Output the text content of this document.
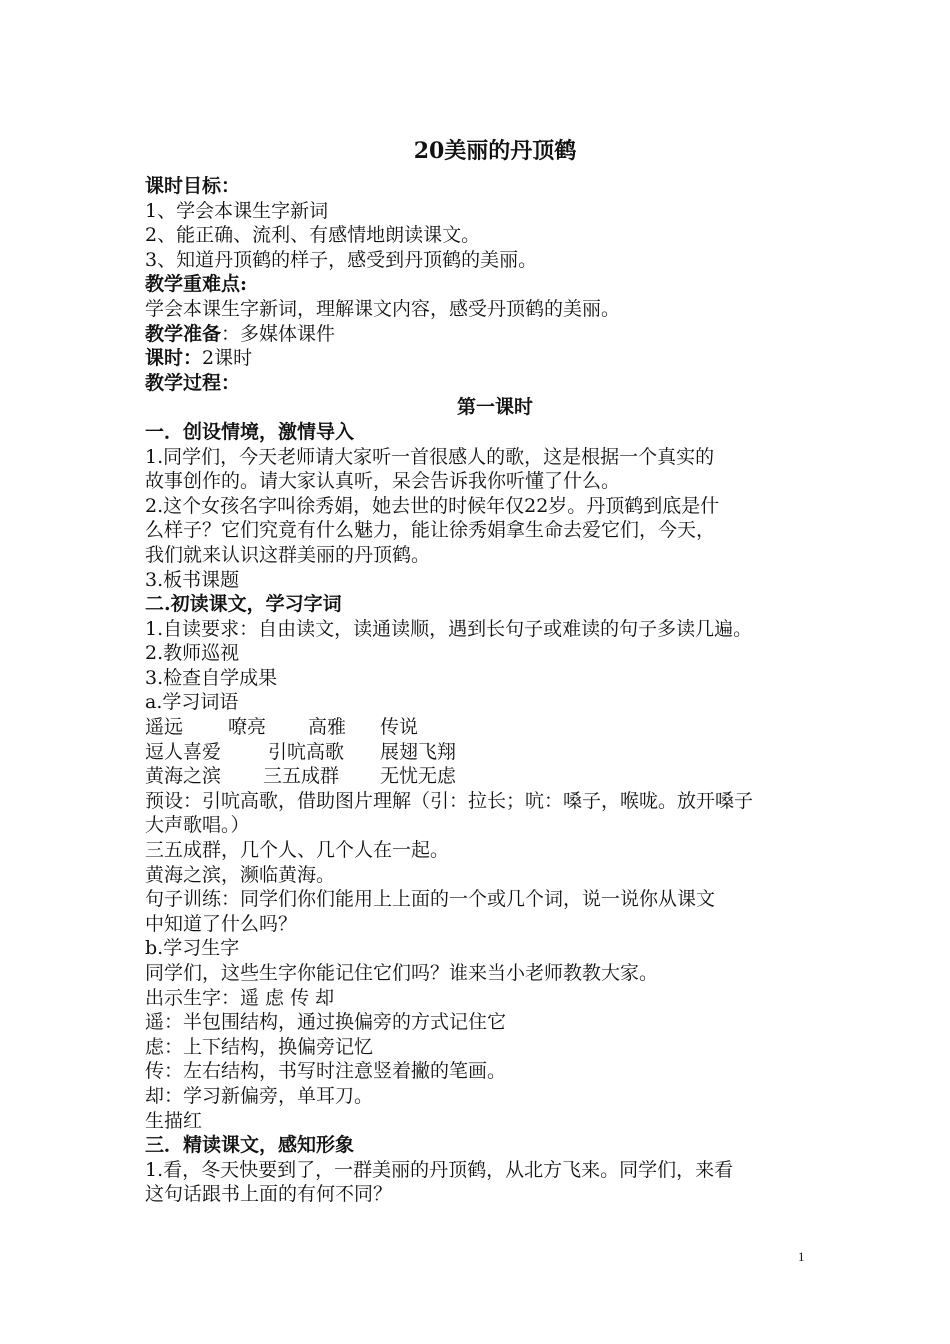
20美丽的丹顶鹤
课时目标：
1、学会本课生字新词
2、能正确、流利、有感情地朗读课文。
3、知道丹顶鹤的样子，感受到丹顶鹤的美丽。
教学重难点:
学会本课生字新词，理解课文内容，感受丹顶鹤的美丽。
教学准备：多媒体课件
课时：2课时
教学过程：
第一课时
一．创设情境，激情导入
1.同学们，今天老师请大家听一首很感人的歌，这是根据一个真实的
故事创作的。请大家认真听，呆会告诉我你听懂了什么。
2.这个女孩名字叫徐秀娟，她去世的时候年仅22岁。丹顶鹤到底是什
么样子？它们究竟有什么魅力，能让徐秀娟拿生命去爱它们，今天，
我们就来认识这群美丽的丹顶鹤。
3.板书课题
二.初读课文，学习字词
1.自读要求：自由读文，读通读顺，遇到长句子或难读的句子多读几遍。
2.教师巡视
3.检查自学成果
a.学习词语
遥远 嘹亮 高雅 传说
逗人喜爱 引吭高歌 展翅飞翔
黄海之滨 三五成群 无忧无虑
预设：引吭高歌，借助图片理解（引：拉长；吭：嗓子，喉咙。放开嗓子
大声歌唱。）
三五成群，几个人、几个人在一起。
黄海之滨，濒临黄海。
句子训练：同学们你们能用上上面的一个或几个词，说一说你从课文
中知道了什么吗？
b.学习生字
同学们，这些生字你能记住它们吗？谁来当小老师教教大家。
出示生字：遥 虑 传 却
遥：半包围结构，通过换偏旁的方式记住它
虑：上下结构，换偏旁记忆
传：左右结构，书写时注意竖着撇的笔画。
却：学习新偏旁，单耳刀。
生描红
三．精读课文，感知形象
1.看，冬天快要到了，一群美丽的丹顶鹤，从北方飞来。同学们，来看
这句话跟书上面的有何不同？
1
